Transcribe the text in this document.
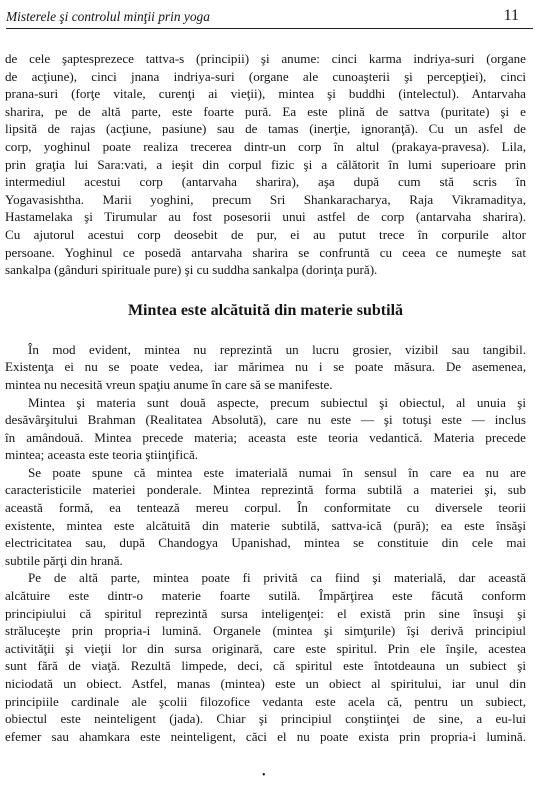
Misterele şi controlul minţii prin yoga	11
de cele şaptesprezece tattva-s (principii) şi anume: cinci karma indriya-suri (organe
de acţiune), cinci jnana indriya-suri (organe ale cunoaşterii şi percepţiei), cinci
prana-suri (forţe vitale, curenţi ai vieţii), mintea şi buddhi (intelectul). Antarvaha
sharira, pe de altă parte, este foarte pură. Ea este plină de sattva (puritate) şi e
lipsită de rajas (acţiune, pasiune) sau de tamas (inerţie, ignoranţă). Cu un asfel de
corp, yoghinul poate realiza trecerea dintr-un corp în altul (prakaya-pravesa). Lila,
prin graţia lui Sara:vati, a ieşit din corpul fizic şi a călătorit în lumi superioare prin
intermediul acestui corp (antarvaha sharira), aşa după cum stă scris în
Yogavasishtha. Marii yoghini, precum Sri Shankaracharya, Raja Vikramaditya,
Hastamelaka şi Tirumular au fost posesorii unui astfel de corp (antarvaha sharira).
Cu ajutorul acestui corp deosebit de pur, ei au putut trece în corpurile altor
persoane. Yoghinul ce posedă antarvaha sharira se confruntă cu ceea ce numeşte sat
sankalpa (gânduri spirituale pure) şi cu suddha sankalpa (dorinţa pură).
Mintea este alcătuită din materie subtilă
În mod evident, mintea nu reprezintă un lucru grosier, vizibil sau tangibil.
Existenţa ei nu se poate vedea, iar mărimea nu i se poate măsura. De asemenea,
mintea nu necesită vreun spaţiu anume în care să se manifeste.
Mintea şi materia sunt două aspecte, precum subiectul şi obiectul, al unuia şi
desăvârşitului Brahman (Realitatea Absolută), care nu este — şi totuşi este — inclus
în amândouă. Mintea precede materia; aceasta este teoria vedantică. Materia precede
mintea; aceasta este teoria ştiinţifică.
Se poate spune că mintea este imaterială numai în sensul în care ea nu are
caracteristicile materiei ponderale. Mintea reprezintă forma subtilă a materiei şi, sub
această formă, ea tentează mereu corpul. În conformitate cu diversele teorii
existente, mintea este alcătuită din materie subtilă, sattva-ică (pură); ea este însăşi
electricitatea sau, după Chandogya Upanishad, mintea se constituie din cele mai
subtile părţi din hrană.
Pe de altă parte, mintea poate fi privită ca fiind şi materială, dar această
alcătuire este dintr-o materie foarte sutilă. Împărţirea este făcută conform
principiului că spiritul reprezintă sursa inteligenţei: el există prin sine însuşi şi
străluceşte prin propria-i lumină. Organele (mintea şi simţurile) îşi derivă principiul
activităţii şi vieţii lor din sursa originară, care este spiritul. Prin ele înşile, acestea
sunt fără de viaţă. Rezultă limpede, deci, că spiritul este întotdeauna un subiect şi
niciodată un obiect. Astfel, manas (mintea) este un obiect al spiritului, iar unul din
principiile cardinale ale şcolii filozofice vedanta este acela că, pentru un subiect,
obiectul este neinteligent (jada). Chiar şi principiul conştiinţei de sine, a eu-lui
efemer sau ahamkara este neinteligent, căci el nu poate exista prin propria-i lumină.
•
